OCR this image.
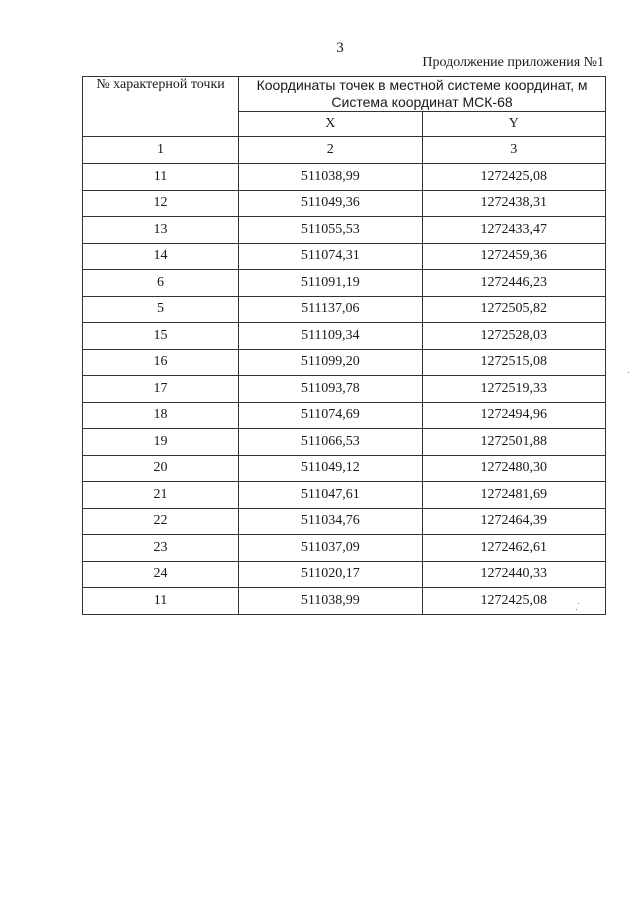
3
Продолжение приложения №1
№ характерной точки	Координаты точек в местной системе координат, м
Система координат МСК-68	

	X	Y
1	2	3
11	511038,99	1272425,08
12	511049,36	1272438,31
13	511055,53	1272433,47
14	511074,31	1272459,36
6	511091,19	1272446,23
5	511137,06	1272505,82
15	511109,34	1272528,03
16	511099,20	1272515,08
17	511093,78	1272519,33
18	511074,69	1272494,96
19	511066,53	1272501,88
20	511049,12	1272480,30
21	511047,61	1272481,69
22	511034,76	1272464,39
23	511037,09	1272462,61
24	511020,17	1272440,33
11	511038,99	1272425,08
